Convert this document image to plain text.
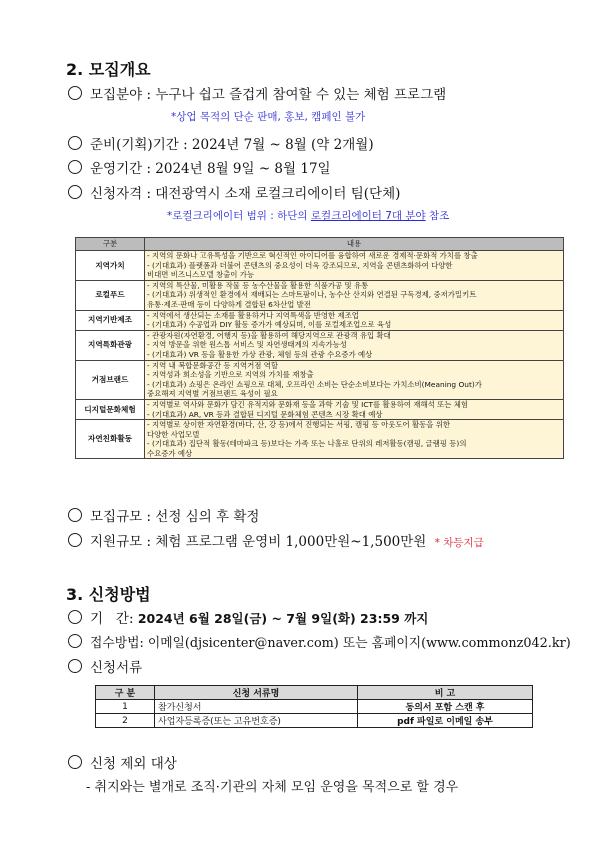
2. 모집개요
모집분야 : 누구나 쉽고 즐겁게 참여할 수 있는 체험 프로그램
*상업 목적의 단순 판매, 홍보, 캠페인 불가
준비(기획)기간 : 2024년 7월 ~ 8월 (약 2개월)
운영기간 : 2024년 8월 9일 ~ 8월 17일
신청자격 : 대전광역시 소재 로컬크리에이터 팀(단체)
*로컬크리에이터 범위 : 하단의 로컬크리에이터 7대 분야 참조
구분	내용
지역가치	- 지역의 문화나 고유특성을 기반으로 혁신적인 아이디어를 융합하여 새로운 경제적·문화적 가치를 창출
- (기대효과) 플랫폼과 더불어 콘텐츠의 중요성이 더욱 강조되므로, 지역을 콘텐츠화하여 다양한
비대면 비즈니스모델 창출이 가능

로컬푸드	- 지역의 특산물, 미활용 작물 등 농수산물을 활용한 식품가공 및 유통
- (기대효과) 위생적인 환경에서 재배되는 스마트팜이나, 농수산 산지와 연결된 구독경제, 중저가밀키트
유통·제조·판매 등이 다양하게 결합된 6차산업 발전

지역기반제조	- 지역에서 생산되는 소재를 활용하거나 지역특색을 반영한 제조업
- (기대효과) 수공업과 DIY 활동 증가가 예상되며, 이를 로컬제조업으로 육성

지역특화관광	- 관광자원(자연환경, 어행지 등)을 활용하여 해당지역으로 관광객 유입 확대
- 지역 방문을 위한 원스톱 서비스 및 자연생태계의 지속가능성
- (기대효과) VR 등을 활용한 가상 관광, 체험 등의 관광 수요증가 예상

거점브랜드	- 지역 내 복합문화공간 등 지역거점 역할
- 지역성과 희소성을 기반으로 지역의 가치를 재창출
- (기대효과) 쇼핑은 온라인 쇼핑으로 대체, 오프라인 소비는 단순소비보다는 가치소비(Meaning Out)가
중요해져 지역별 거점브랜드 육성이 필요

디지털문화체험	- 지역별로 역사와 문화가 담긴 유적지와 문화재 등을 과학 기술 및 ICT를 활용하여 재해석 또는 체험
- (기대효과) AR, VR 등과 결합된 디지털 문화체험 콘텐츠 시장 확대 예상

자연친화활동	- 지역별로 상이한 자연환경(바다, 산, 강 등)에서 진행되는 서핑, 캠핑 등 아웃도어 활동을 위한
다양한 사업모델
- (기대효과) 집단적 활동(테마파크 등)보다는 가족 또는 나홀로 단위의 레저활동(캠핑, 글램핑 등)의
수요증가 예상
모집규모 : 선정 심의 후 확정
지원규모 : 체험 프로그램 운영비 1,000만원~1,500만원 * 차등지급
3. 신청방법
기   간: 2024년 6월 28일(금) ~ 7월 9일(화) 23:59 까지
접수방법: 이메일(djsicenter@naver.com) 또는 홈페이지(www.commonz042.kr)
신청서류
구 분	신청 서류명	비 고
1	참가신청서	동의서 포함 스캔 후
2	사업자등록증(또는 고유번호증)	pdf 파일로 이메일 송부
신청 제외 대상
- 취지와는 별개로 조직·기관의 자체 모임 운영을 목적으로 할 경우
